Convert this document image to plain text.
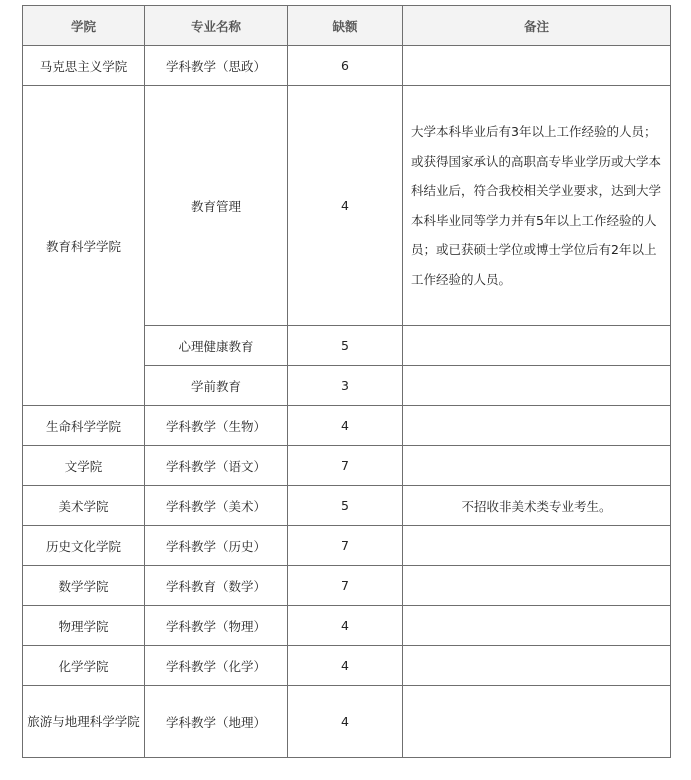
学院	专业名称	缺额	备注
马克思主义学院	学科教学（思政）	6	
教育科学学院	教育管理	4	大学本科毕业后有3年以上工作经验的人员；或获得国家承认的高职高专毕业学历或大学本科结业后，符合我校相关学业要求，达到大学本科毕业同等学力并有5年以上工作经验的人员；或已获硕士学位或博士学位后有2年以上工作经验的人员。
	心理健康教育	5	
	学前教育	3	
生命科学学院	学科教学（生物）	4	
文学院	学科教学（语文）	7	
美术学院	学科教学（美术）	5	不招收非美术类专业考生。
历史文化学院	学科教学（历史）	7	
数学学院	学科教育（数学）	7	
物理学院	学科教学（物理）	4	
化学学院	学科教学（化学）	4	
旅游与地理科学学院	学科教学（地理）	4	
